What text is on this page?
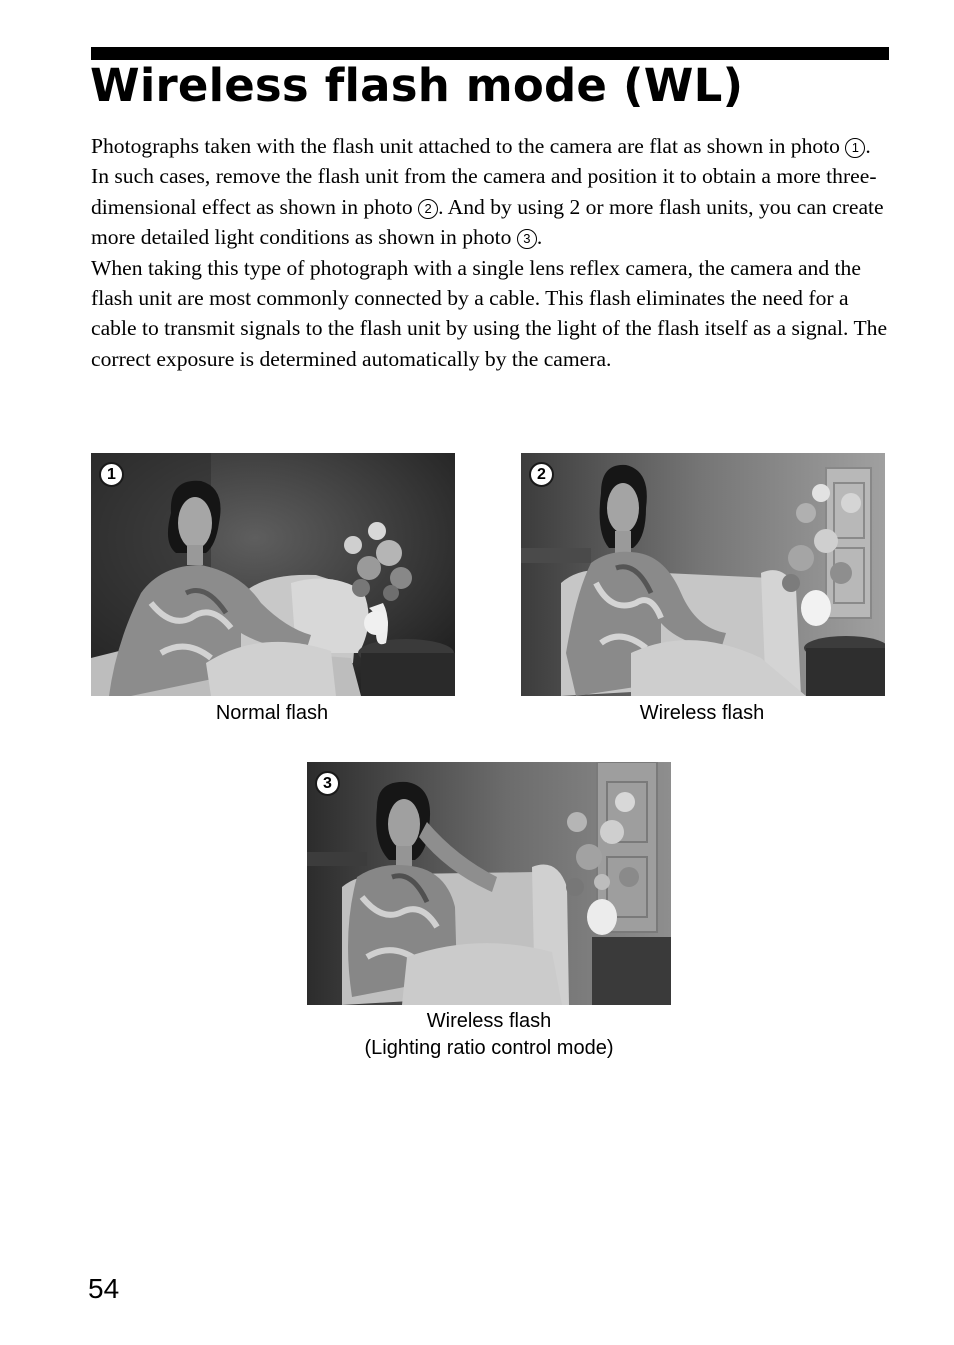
Wireless flash mode (WL)

Photographs taken with the flash unit attached to the camera are flat as shown in photo 1 . In such cases, remove the flash unit from the camera and position it to obtain a more three-dimensional effect as shown in photo 2 . And by using 2 or more flash units, you can create more detailed light conditions as shown in photo 3 .

When taking this type of photograph with a single lens reflex camera, the camera and the flash unit are most commonly connected by a cable. This flash eliminates the need for a cable to transmit signals to the flash unit by using the light of the flash itself as a signal. The correct exposure is determined automatically by the camera.

1
Normal flash
2
Wireless flash
3
Wireless flash
(Lighting ratio control mode)
54
